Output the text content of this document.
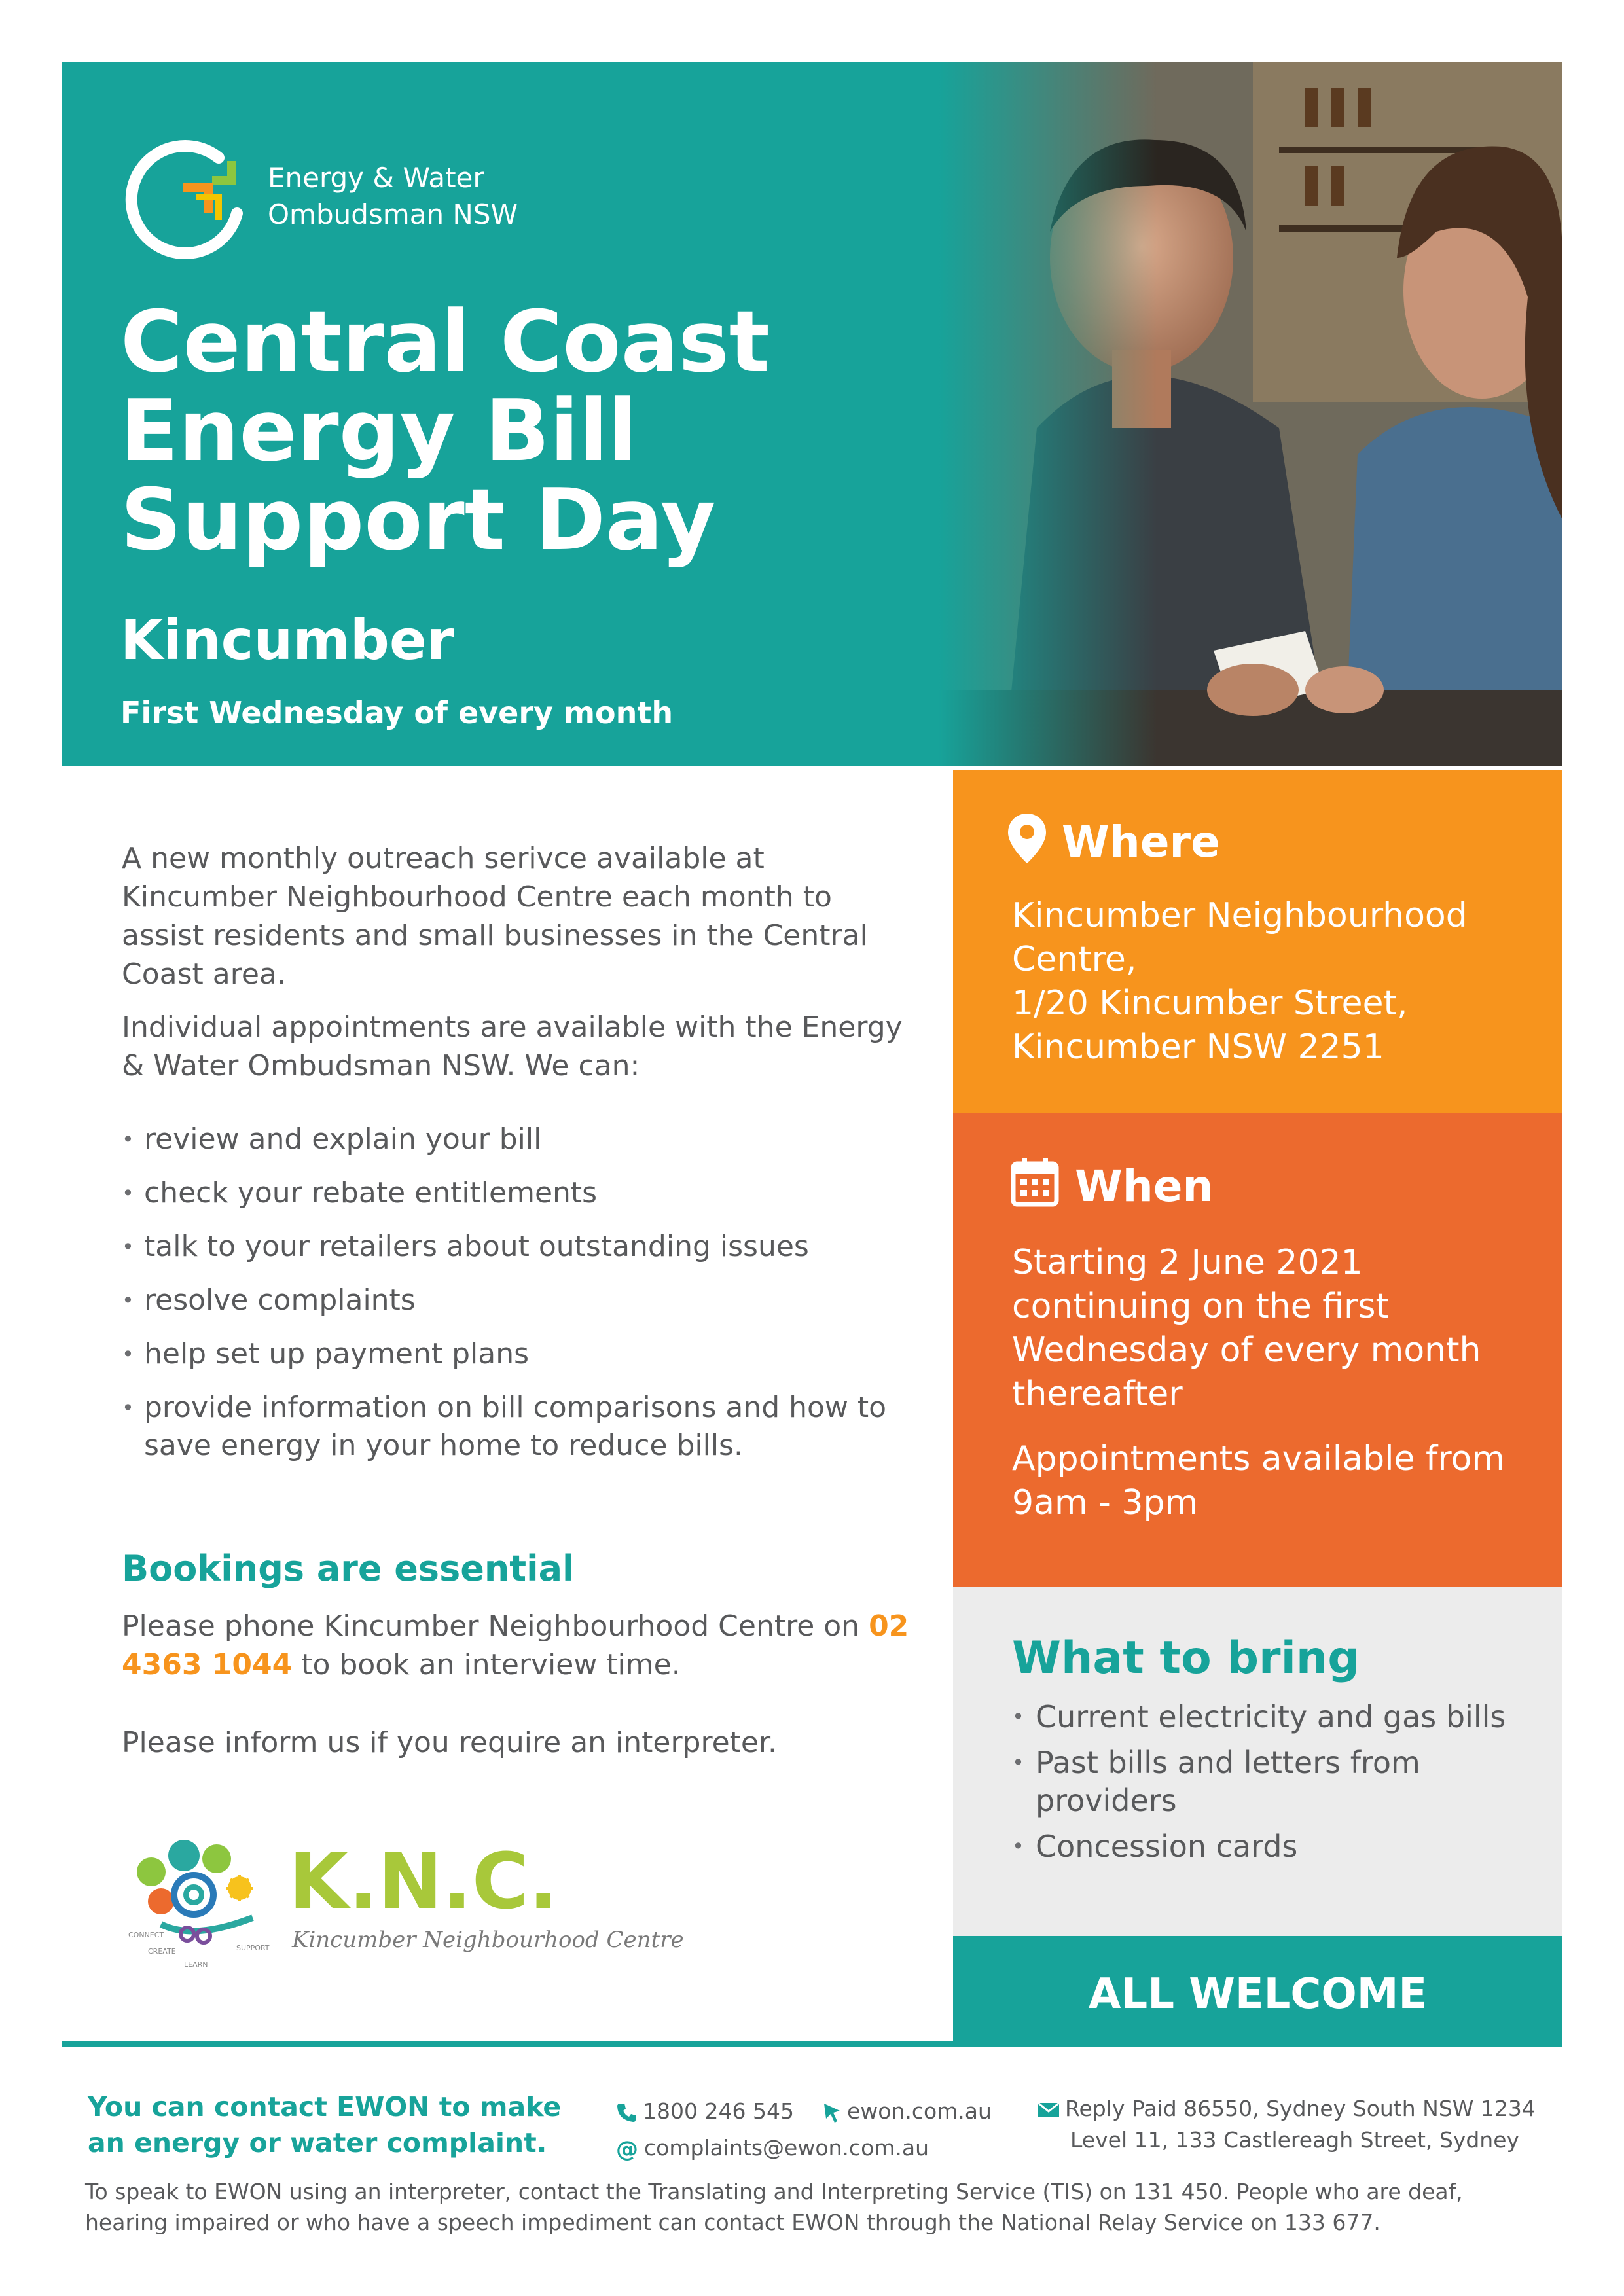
Energy & Water
Ombudsman NSW
Central Coast
Energy Bill
Support Day
Kincumber
First Wednesday of every month

A new monthly outreach serivce available at Kincumber Neighbourhood Centre each month to assist residents and small businesses in the Central Coast area.

Individual appointments are available with the Energy & Water Ombudsman NSW. We can:

• review and explain your bill
• check your rebate entitlements
• talk to your retailers about outstanding issues
• resolve complaints
• help set up payment plans
• provide information on bill comparisons and how to save energy in your home to reduce bills.
Bookings are essential
Please phone Kincumber Neighbourhood Centre on 02 4363 1044 to book an interview time.
Please inform us if you require an interpreter.
CONNECT
CREATE
LEARN
SUPPORT
K.N.C.
Kincumber Neighbourhood Centre
Where
Kincumber Neighbourhood
Centre,
1/20 Kincumber Street,
Kincumber NSW 2251
When
Starting 2 June 2021 continuing on the first Wednesday of every month thereafter
Appointments available from 9am - 3pm
What to bring
• Current electricity and gas bills
• Past bills and letters from providers
• Concession cards
ALL WELCOME
You can contact EWON to make
an energy or water complaint.
1800 246 545 ewon.com.au
@ complaints@ewon.com.au
Reply Paid 86550, Sydney South NSW 1234
Level 11, 133 Castlereagh Street, Sydney
To speak to EWON using an interpreter, contact the Translating and Interpreting Service (TIS) on 131 450. People who are deaf, hearing impaired or who have a speech impediment can contact EWON through the National Relay Service on 133 677.
